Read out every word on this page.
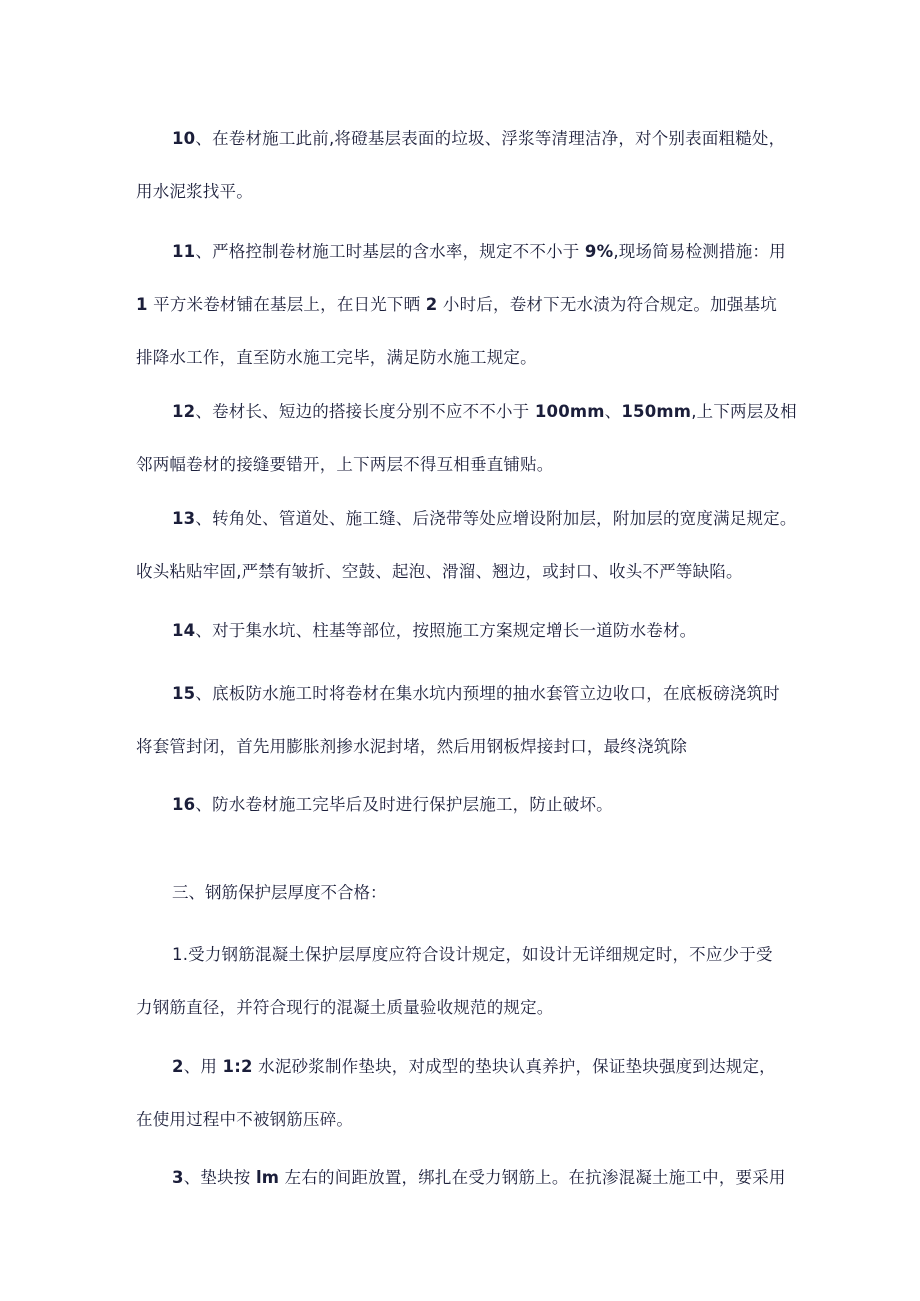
10、在卷材施工此前,将磴基层表面的垃圾、浮浆等清理洁净，对个别表面粗糙处，
用水泥浆找平。
11、严格控制卷材施工时基层的含水率，规定不不小于 9%,现场简易检测措施：用
1 平方米卷材铺在基层上，在日光下晒 2 小时后，卷材下无水渍为符合规定。加强基坑
排降水工作，直至防水施工完毕，满足防水施工规定。
12、卷材长、短边的搭接长度分别不应不不小于 100mm、150mm,上下两层及相
邻两幅卷材的接缝要错开，上下两层不得互相垂直铺贴。
13、转角处、管道处、施工缝、后浇带等处应增设附加层，附加层的宽度满足规定。
收头粘贴牢固,严禁有皱折、空鼓、起泡、滑溜、翘边，或封口、收头不严等缺陷。
14、对于集水坑、柱基等部位，按照施工方案规定增长一道防水卷材。
15、底板防水施工时将卷材在集水坑内预埋的抽水套管立边收口，在底板磅浇筑时
将套管封闭，首先用膨胀剂掺水泥封堵，然后用钢板焊接封口，最终浇筑除
16、防水卷材施工完毕后及时进行保护层施工，防止破坏。
三、钢筋保护层厚度不合格：
1.受力钢筋混凝土保护层厚度应符合设计规定，如设计无详细规定时，不应少于受
力钢筋直径，并符合现行的混凝土质量验收规范的规定。
2、用 1:2 水泥砂浆制作垫块，对成型的垫块认真养护，保证垫块强度到达规定，
在使用过程中不被钢筋压碎。
3、垫块按 lm 左右的间距放置，绑扎在受力钢筋上。在抗渗混凝土施工中，要采用
